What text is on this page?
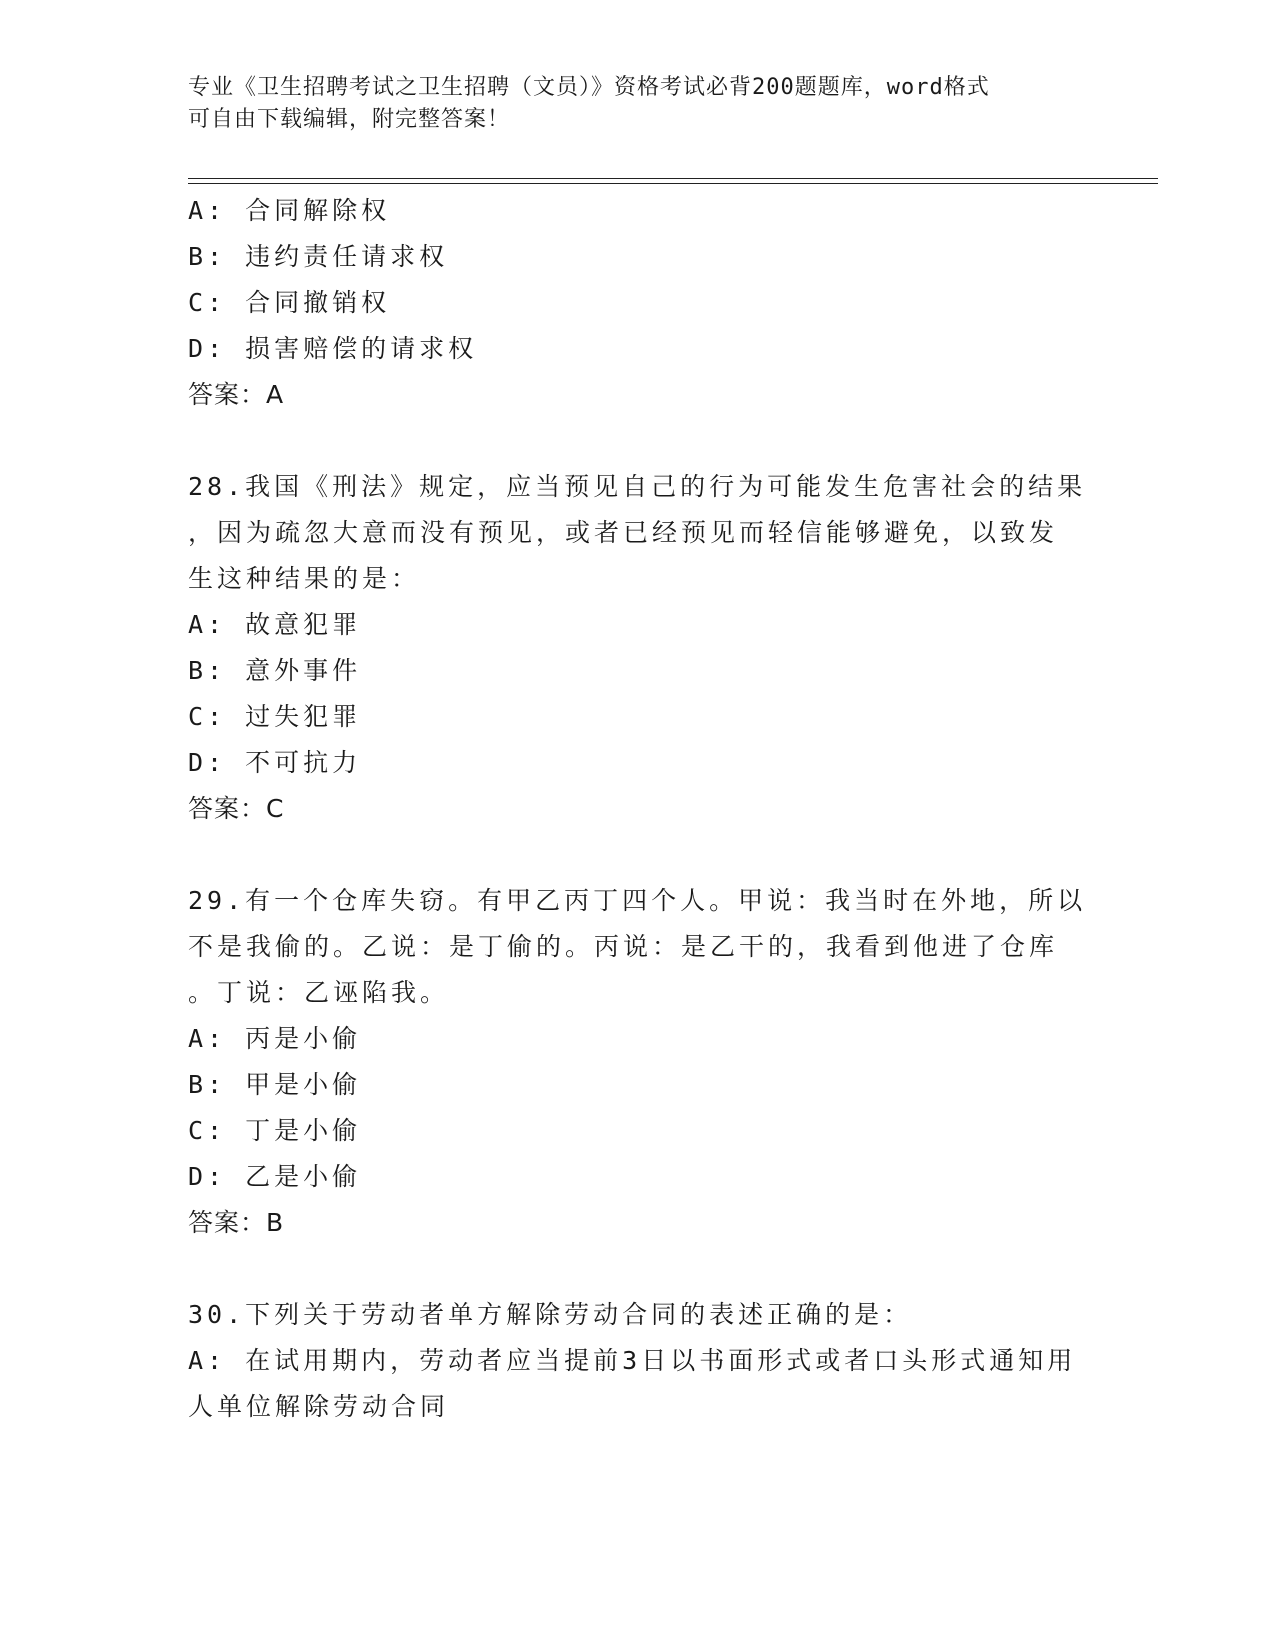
专业《卫生招聘考试之卫生招聘（文员）》资格考试必背200题题库，word格式
可自由下载编辑，附完整答案！
A: 合同解除权
B: 违约责任请求权
C: 合同撤销权
D: 损害赔偿的请求权
答案：A
28.我国《刑法》规定，应当预见自己的行为可能发生危害社会的结果
，因为疏忽大意而没有预见，或者已经预见而轻信能够避免，以致发
生这种结果的是：
A: 故意犯罪
B: 意外事件
C: 过失犯罪
D: 不可抗力
答案：C
29.有一个仓库失窃。有甲乙丙丁四个人。甲说：我当时在外地，所以
不是我偷的。乙说：是丁偷的。丙说：是乙干的，我看到他进了仓库
。丁说：乙诬陷我。
A: 丙是小偷
B: 甲是小偷
C: 丁是小偷
D: 乙是小偷
答案：B
30.下列关于劳动者单方解除劳动合同的表述正确的是：
A: 在试用期内，劳动者应当提前3日以书面形式或者口头形式通知用
人单位解除劳动合同
